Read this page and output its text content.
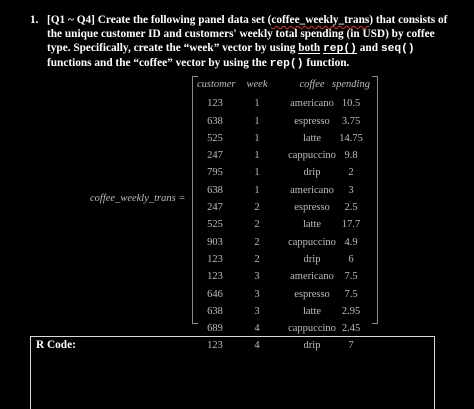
1. [Q1 ~ Q4] Create the following panel data set (coffee_weekly_trans) that consists of the unique customer ID and customers' weekly total spending (in USD) by coffee type. Specifically, create the “week” vector by using both rep() and seq() functions and the “coffee” vector by using the rep() function.
coffee_weekly_trans =
customer
123
638
525
247
795
638
247
525
903
123
123
646
638
689
123
week
1
1
1
1
1
1
2
2
2
2
3
3
3
4
4
coffee
americano
espresso
latte
cappuccino
drip
americano
espresso
latte
cappuccino
drip
americano
espresso
latte
cappuccino
drip
spending
10.5
3.75
14.75
9.8
2
3
2.5
17.7
4.9
6
7.5
7.5
2.95
2.45
7
R Code:
